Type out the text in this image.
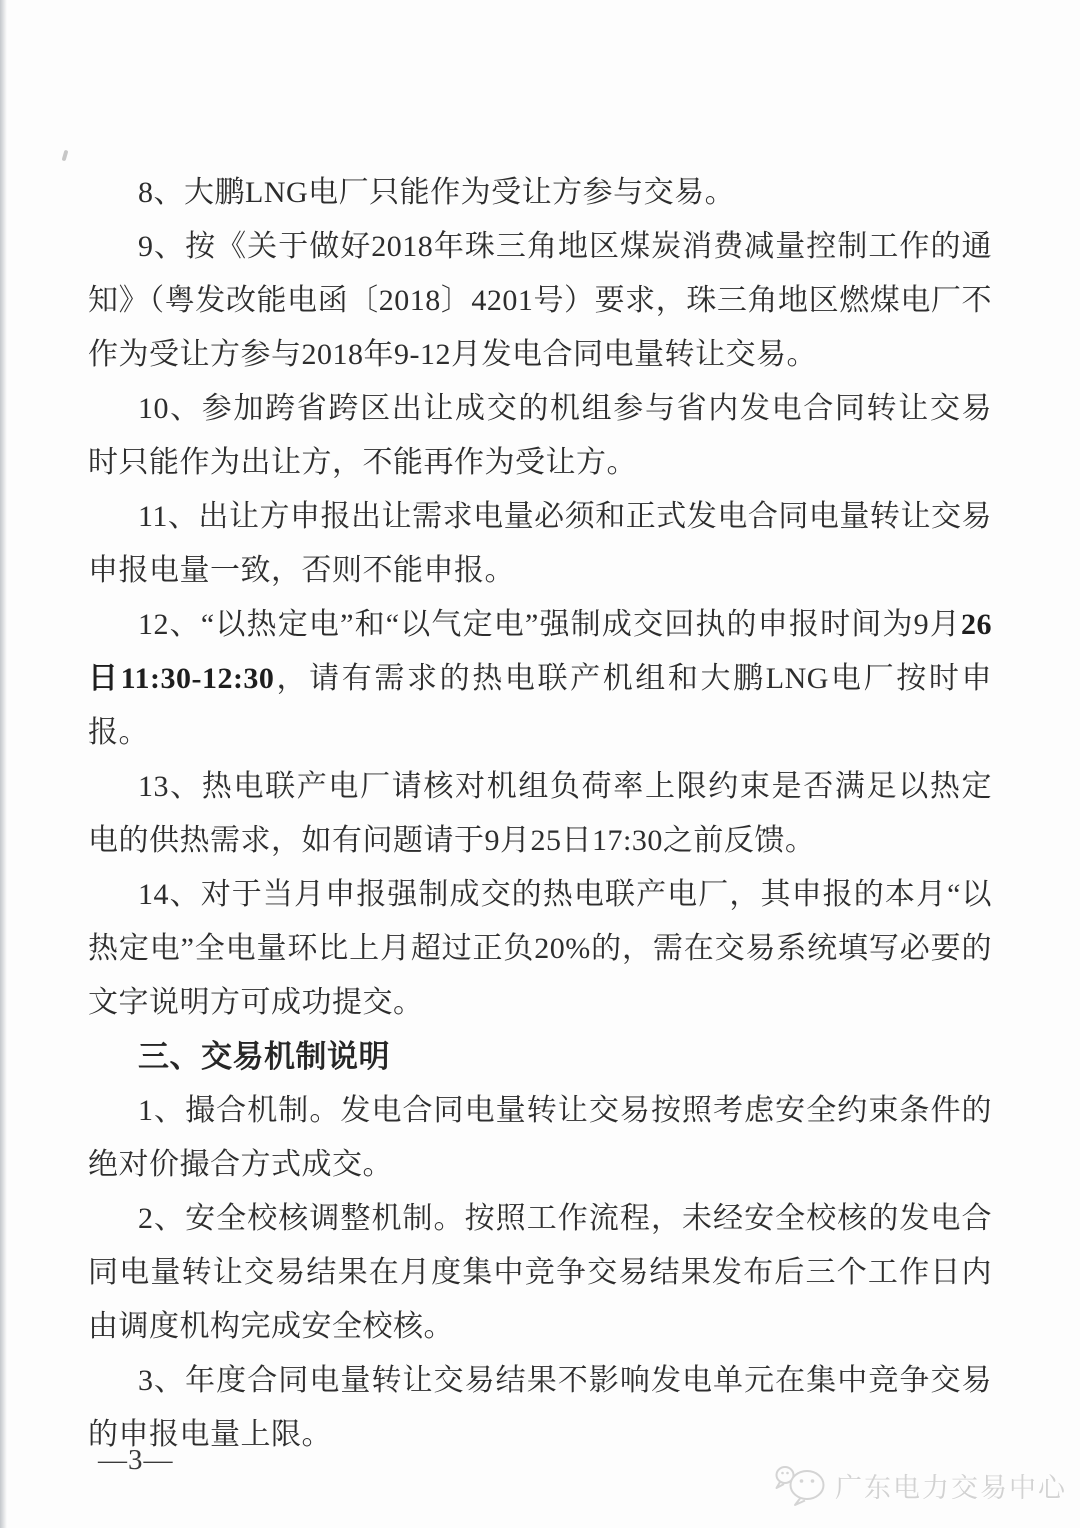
8、大鹏LNG电厂只能作为受让方参与交易。

9、按《关于做好2018年珠三角地区煤炭消费减量控制工作的通知》（粤发改能电函〔2018〕4201号）要求，珠三角地区燃煤电厂不作为受让方参与2018年9-12月发电合同电量转让交易。

10、参加跨省跨区出让成交的机组参与省内发电合同转让交易时只能作为出让方，不能再作为受让方。

11、出让方申报出让需求电量必须和正式发电合同电量转让交易申报电量一致，否则不能申报。

12、“以热定电”和“以气定电”强制成交回执的申报时间为9月26日11:30-12:30，请有需求的热电联产机组和大鹏LNG电厂按时申报。

13、热电联产电厂请核对机组负荷率上限约束是否满足以热定电的供热需求，如有问题请于9月25日17:30之前反馈。

14、对于当月申报强制成交的热电联产电厂，其申报的本月“以热定电”全电量环比上月超过正负20%的，需在交易系统填写必要的文字说明方可成功提交。

三、交易机制说明

1、撮合机制。发电合同电量转让交易按照考虑安全约束条件的绝对价撮合方式成交。

2、安全校核调整机制。按照工作流程，未经安全校核的发电合同电量转让交易结果在月度集中竞争交易结果发布后三个工作日内由调度机构完成安全校核。

3、年度合同电量转让交易结果不影响发电单元在集中竞争交易的申报电量上限。

—3—
广东电力交易中心
